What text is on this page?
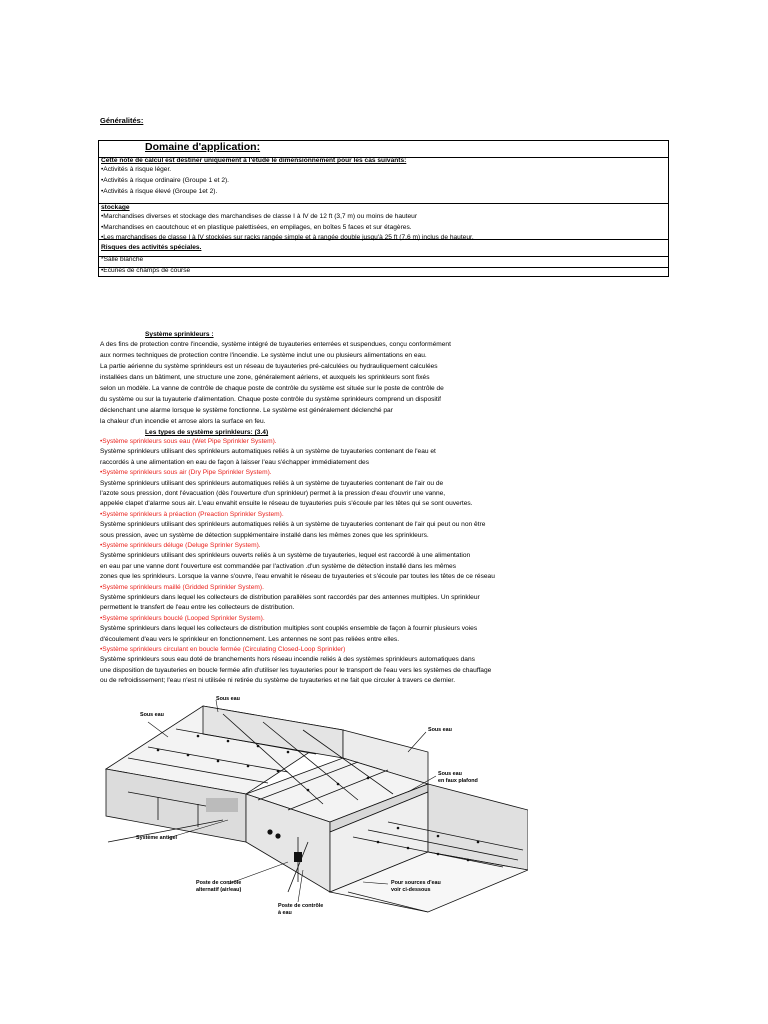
Généralités:
Domaine d'application:
Cette note de calcul est destiner uniquement à l'étude le dimensionnement pour les cas suivants:
•Activités à risque léger.
•Activités à risque ordinaire (Groupe 1 et 2).
•Activités à risque élevé (Groupe 1et 2).
stockage
•Marchandises diverses et stockage des marchandises de classe I à IV de 12 ft (3,7 m) ou moins de hauteur
•Marchandises en caoutchouc et en plastique palettisées, en empilages, en boîtes 5 faces et sur étagères.
•Les marchandises de classe I à IV stockées sur racks rangée simple et à rangée double jusqu'à 25 ft (7,6 m) inclus de hauteur.
Risques des activités spéciales.
*Salle blanche
•Ecuries de champs de course
Système sprinkleurs :
A des fins de protection contre l'incendie, système intégré de tuyauteries enterrées et suspendues, conçu conformément
aux normes techniques de protection contre l'incendie. Le système inclut une ou plusieurs alimentations en eau.
La partie aérienne du système sprinkleurs est un réseau de tuyauteries pré-calculées ou hydrauliquement calculées
installées dans un bâtiment, une structure une zone, généralement aériens, et auxquels les sprinkleurs sont fixés
selon un modèle. La vanne de contrôle de chaque poste de contrôle du système est située sur le poste de contrôle de
du système ou sur la tuyauterie d'alimentation. Chaque poste contrôle du système sprinkleurs comprend un dispositif
déclenchant une alarme lorsque le système fonctionne. Le système est généralement déclenché par
la chaleur d'un incendie et arrose alors la surface en feu.
Les types de système sprinkleurs: (3.4)
•Système sprinkleurs sous eau (Wet Pipe Sprinkler System).
Système sprinkleurs utilisant des sprinkleurs automatiques reliés à un système de tuyauteries contenant de l'eau et
raccordés à une alimentation en eau de façon à laisser l'eau s'échapper immédiatement des
•Système sprinkleurs sous air (Dry Pipe Sprinkler System).
Système sprinkleurs utilisant des sprinkleurs automatiques reliés à un système de tuyauteries contenant de l'air ou de
l'azote sous pression, dont l'évacuation (dès l'ouverture d'un sprinkleur) permet à la pression d'eau d'ouvrir une vanne,
appelée clapet d'alarme sous air. L'eau envahit ensuite le réseau de tuyauteries puis s'écoule par les têtes qui se sont ouvertes.
•Système sprinkleurs à préaction (Preaction Sprinkler System).
Système sprinkleurs utilisant des sprinkleurs automatiques reliés à un système de tuyauteries contenant de l'air qui peut ou non être
sous pression, avec un système de détection supplémentaire installé dans les mêmes zones que les sprinkleurs.
•Système sprinkleurs déluge (Deluge Sprinler System).
Système sprinkleurs utilisant des sprinkleurs ouverts reliés à un système de tuyauteries, lequel est raccordé à une alimentation
en eau par une vanne dont l'ouverture est commandée par l'activation .d'un système de détection installé dans les mêmes
zones que les sprinkleurs. Lorsque la vanne s'ouvre, l'eau envahit le réseau de tuyauteries et s'écoule par toutes les têtes de ce réseau
•Système sprinkleurs maillé (Gridded Sprinkler System).
Système sprinkleurs dans lequel les collecteurs de distribution parallèles sont raccordés par des antennes multiples. Un sprinkleur
permettent le transfert de l'eau entre les collecteurs de distribution.
•Système sprinkleurs bouclé (Looped Sprinkler System).
Système sprinkleurs dans lequel les collecteurs de distribution multiples sont couplés ensemble de façon à fournir plusieurs voies
d'écoulement d'eau vers le sprinkleur en fonctionnement. Les antennes ne sont pas reliées entre elles.
•Système sprinkleurs circulant en boucle fermée (Circulating Closed-Loop Sprinkler)
Système sprinkleurs sous eau doté de branchements hors réseau incendie reliés à des systèmes sprinkleurs automatiques dans
une disposition de tuyauteries en boucle fermée afin d'utiliser les tuyauteries pour le transport de l'eau vers les systèmes de chauffage
ou de refroidissement; l'eau n'est ni utilisée ni retirée du système de tuyauteries et ne fait que circuler à travers ce dernier.
Sous eau
Sous eau
Sous eau
Sous eau
en faux plafond
Système antigel
Poste de contrôle
alternatif (air/eau)
Poste de contrôle
à eau
Pour sources d'eau
voir ci-dessous
